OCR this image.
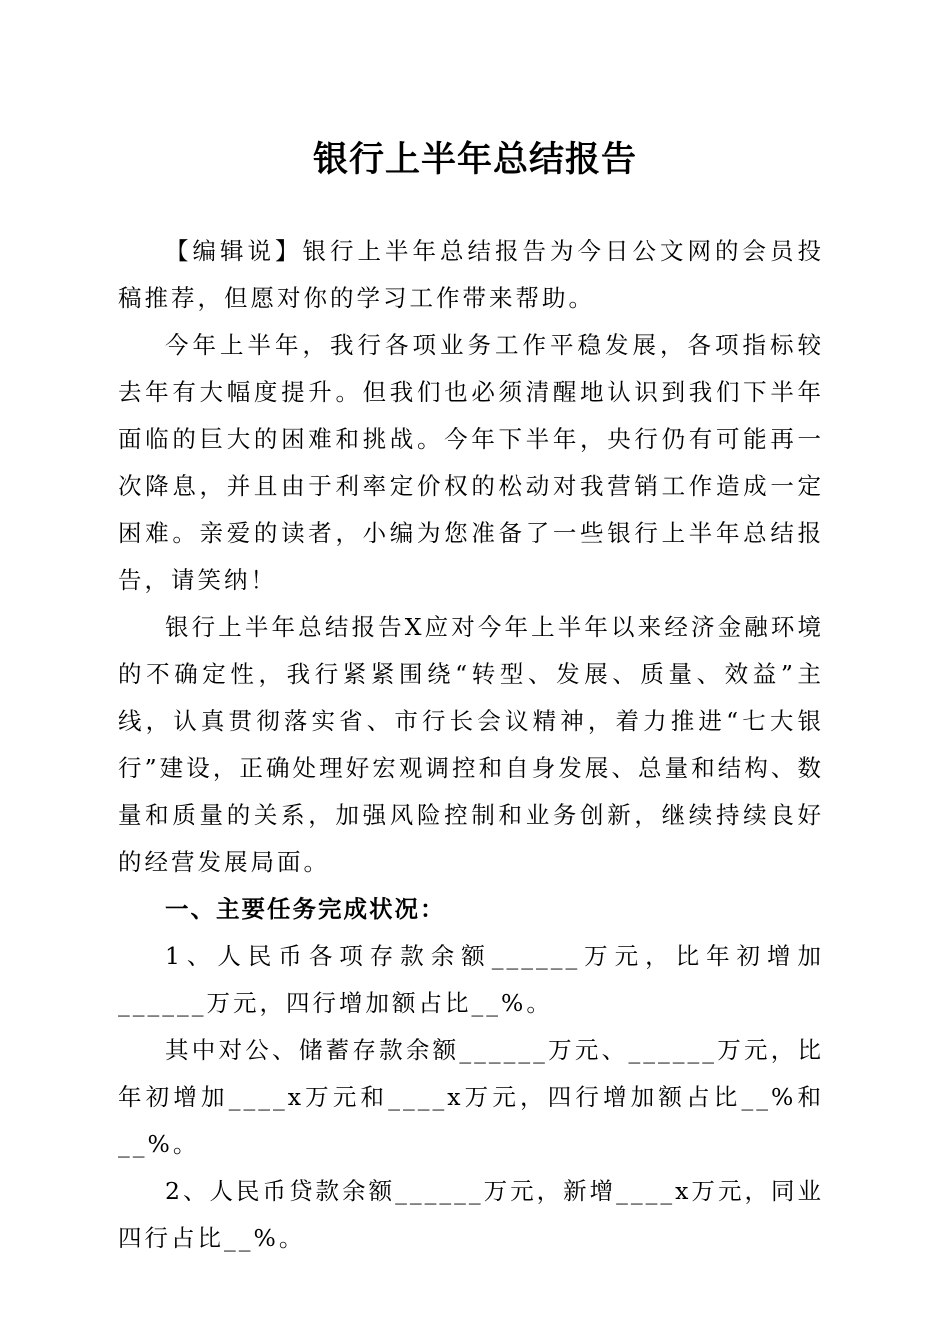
银行上半年总结报告

【编辑说】银行上半年总结报告为今日公文网的会员投稿推荐，但愿对你的学习工作带来帮助。

今年上半年，我行各项业务工作平稳发展，各项指标较去年有大幅度提升。但我们也必须清醒地认识到我们下半年面临的巨大的困难和挑战。今年下半年，央行仍有可能再一次降息，并且由于利率定价权的松动对我营销工作造成一定困难。亲爱的读者，小编为您准备了一些银行上半年总结报告，请笑纳！

银行上半年总结报告X应对今年上半年以来经济金融环境的不确定性，我行紧紧围绕“转型、发展、质量、效益”主线，认真贯彻落实省、市行长会议精神，着力推进“七大银行”建设，正确处理好宏观调控和自身发展、总量和结构、数量和质量的关系，加强风险控制和业务创新，继续持续良好的经营发展局面。

一、主要任务完成状况：

1、人民币各项存款余额______万元，比年初增加______万元，四行增加额占比__%。

其中对公、储蓄存款余额______万元、______万元，比年初增加____x万元和____x万元，四行增加额占比__%和__%。

2、人民币贷款余额______万元，新增____x万元，同业四行占比__%。
